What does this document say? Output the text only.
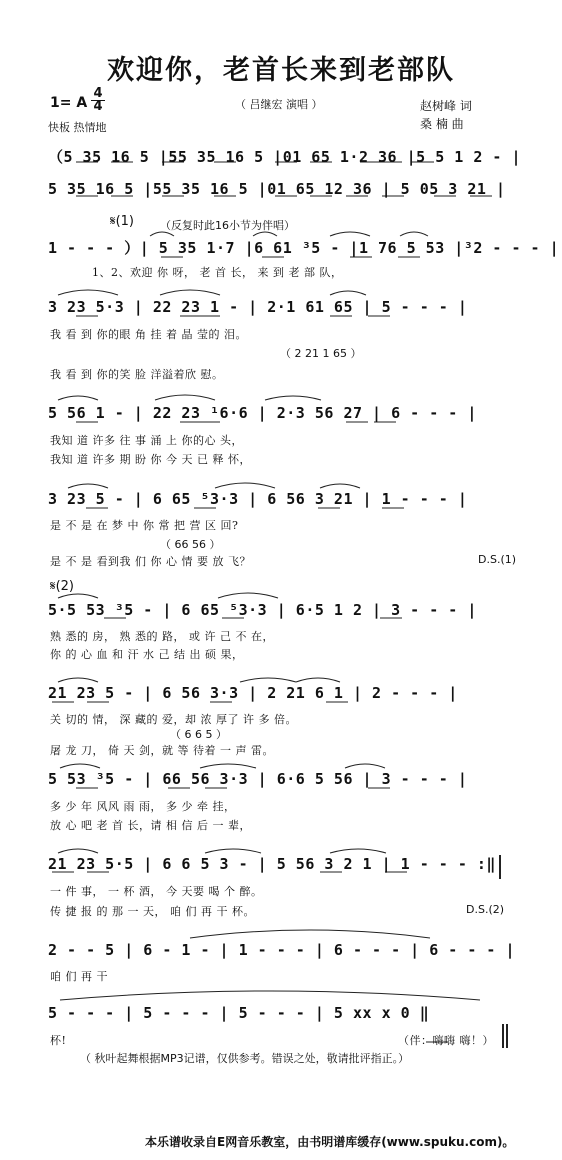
欢迎你，老首长来到老部队
1= A $\frac{4}{4}$	（ 吕继宏 演唱 ）
快板 热情地
赵树峰 词
桑 楠 曲
（5 35 16 5 |55 35 16 5 |01 65 1·2 36 |5 5 1 2 - |
5 35 16 5 |55 35 16 5 |01 65 12 36 | 5 05 3 21 |
𝄋(1) （反复时此16小节为伴唱）
1 - - - ）| 5 35 1·7 |6 61 ³5 - |1 76 5 53 |³2 - - - |
1、2、欢迎 你 呀， 老 首 长， 来 到 老 部 队，
3 23 5·3 | 22 23 1 - | 2·1 61 65 | 5 - - - |
我 看 到 你的眼 角 挂 着 晶 莹的 泪。
（ 2 21 1 65 ）
我 看 到 你的笑 脸 洋溢着欣 慰。
5 56 1 - | 22 23 ¹6·6 | 2·3 56 27 | 6 - - - |
我知 道 许多 往 事 涌 上 你的心 头，
我知 道 许多 期 盼 你 今 天 已 释 怀，
3 23 5 - | 6 65 ⁵3·3 | 6 56 3 21 | 1 - - - |
是 不 是 在 梦 中 你 常 把 营 区 回?
（ 66 56 ）
是 不 是 看到我 们 你 心 情 要 放 飞？	D.S.(1)
𝄋(2)
5·5 53 ³5 - | 6 65 ⁵3·3 | 6·5 1 2 | 3 - - - |
熟 悉的 房， 熟 悉的 路， 或 许 己 不 在，
你 的 心 血 和 汗 水 己 结 出 硕 果，
21 23 5 - | 6 56 3·3 | 2 21 6 1 | 2 - - - |
关 切的 情， 深 藏的 爱，却 浓 厚了 许 多 倍。
（ 6 6 5 ）
屠 龙 刀， 倚 天 剑，就 等 待着 一 声 雷。
5 53 ³5 - | 66 56 3·3 | 6·6 5 56 | 3 - - - |
多 少 年 风风 雨 雨， 多 少 牵 挂，
放 心 吧 老 首 长，请 相 信 后 一 辈，
21 23 5·5 | 6 6 5 3 - | 5 56 3 2 1 | 1 - - - :‖
一 件 事， 一 杯 酒， 今 天要 喝 个 醉。
传 捷 报 的 那 一 天， 咱 们 再 干 杯。	D.S.(2)
2 - - 5 | 6 - 1 - | 1 - - - | 6 - - - | 6 - - - |
咱 们 再 干
5 - - - | 5 - - - | 5 - - - | 5 xx x 0 ‖
杯!	（伴：嗨嗨 嗨！）
（ 秋叶起舞根据MP3记谱，仅供参考。错误之处，敬请批评指正。）
本乐谱收录自E网音乐教室，由书明谱库缓存(www.spuku.com)。
